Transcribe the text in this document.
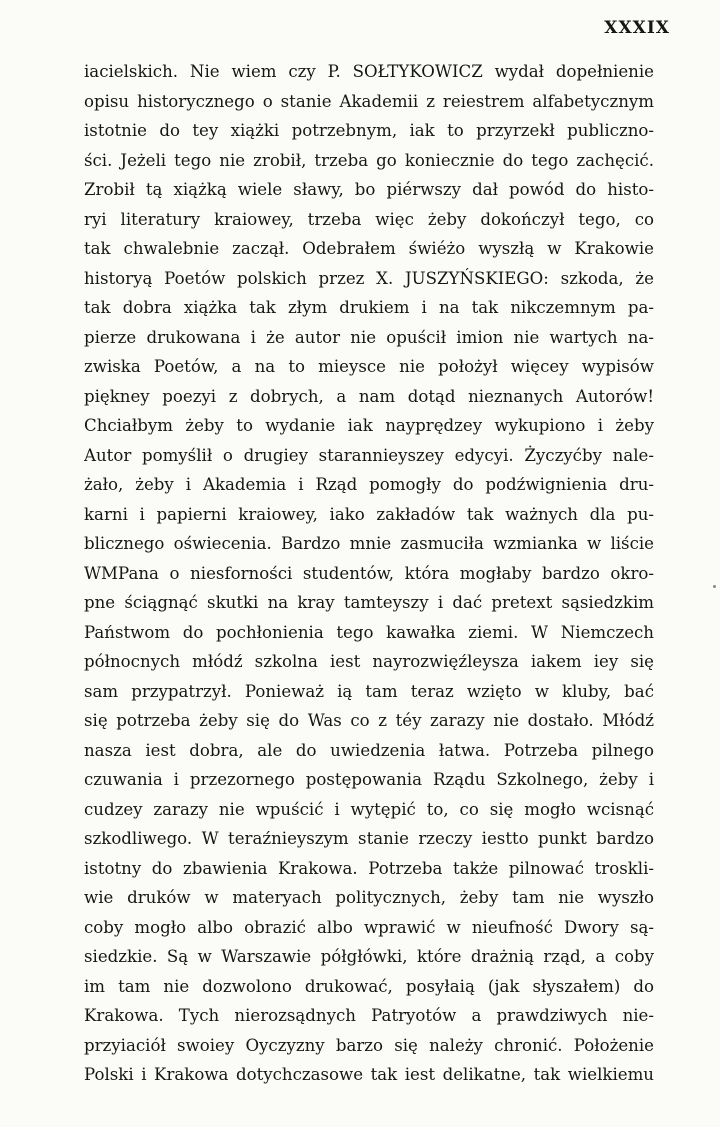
XXXIX
iacielskich. Nie wiem czy P. SOŁTYKOWICZ wydał dopełnienie
opisu historycznego o stanie Akademii z reiestrem alfabetycznym
istotnie do tey xiążki potrzebnym, iak to przyrzekł publiczno-
ści. Jeżeli tego nie zrobił, trzeba go koniecznie do tego zachęcić.
Zrobił tą xiążką wiele sławy, bo piérwszy dał powód do histo-
ryi literatury kraiowey, trzeba więc żeby dokończył tego, co
tak chwalebnie zaczął. Odebrałem świéżo wyszłą w Krakowie
historyą Poetów polskich przez X. JUSZYŃSKIEGO: szkoda, że
tak dobra xiążka tak złym drukiem i na tak nikczemnym pa-
pierze drukowana i że autor nie opuścił imion nie wartych na-
zwiska Poetów, a na to mieysce nie położył więcey wypisów
piękney poezyi z dobrych, a nam dotąd nieznanych Autorów!
Chciałbym żeby to wydanie iak nayprędzey wykupiono i żeby
Autor pomyślił o drugiey starannieyszey edycyi. Życzyćby nale-
żało, żeby i Akademia i Rząd pomogły do podźwignienia dru-
karni i papierni kraiowey, iako zakładów tak ważnych dla pu-
blicznego oświecenia. Bardzo mnie zasmuciła wzmianka w liście
WMPana o niesforności studentów, która mogłaby bardzo okro-
pne ściągnąć skutki na kray tamteyszy i dać pretext sąsiedzkim
Państwom do pochłonienia tego kawałka ziemi. W Niemczech
północnych młódź szkolna iest nayrozwięźleysza iakem iey się
sam przypatrzył. Ponieważ ią tam teraz wzięto w kluby, bać
się potrzeba żeby się do Was co z téy zarazy nie dostało. Młódź
nasza iest dobra, ale do uwiedzenia łatwa. Potrzeba pilnego
czuwania i przezornego postępowania Rządu Szkolnego, żeby i
cudzey zarazy nie wpuścić i wytępić to, co się mogło wcisnąć
szkodliwego. W teraźnieyszym stanie rzeczy iestto punkt bardzo
istotny do zbawienia Krakowa. Potrzeba także pilnować troskli-
wie druków w materyach politycznych, żeby tam nie wyszło
coby mogło albo obrazić albo wprawić w nieufność Dwory są-
siedzkie. Są w Warszawie półgłówki, które drażnią rząd, a coby
im tam nie dozwolono drukować, posyłaią (jak słyszałem) do
Krakowa. Tych nierozsądnych Patryotów a prawdziwych nie-
przyiaciół swoiey Oyczyzny barzo się należy chronić. Położenie
Polski i Krakowa dotychczasowe tak iest delikatne, tak wielkiemu
